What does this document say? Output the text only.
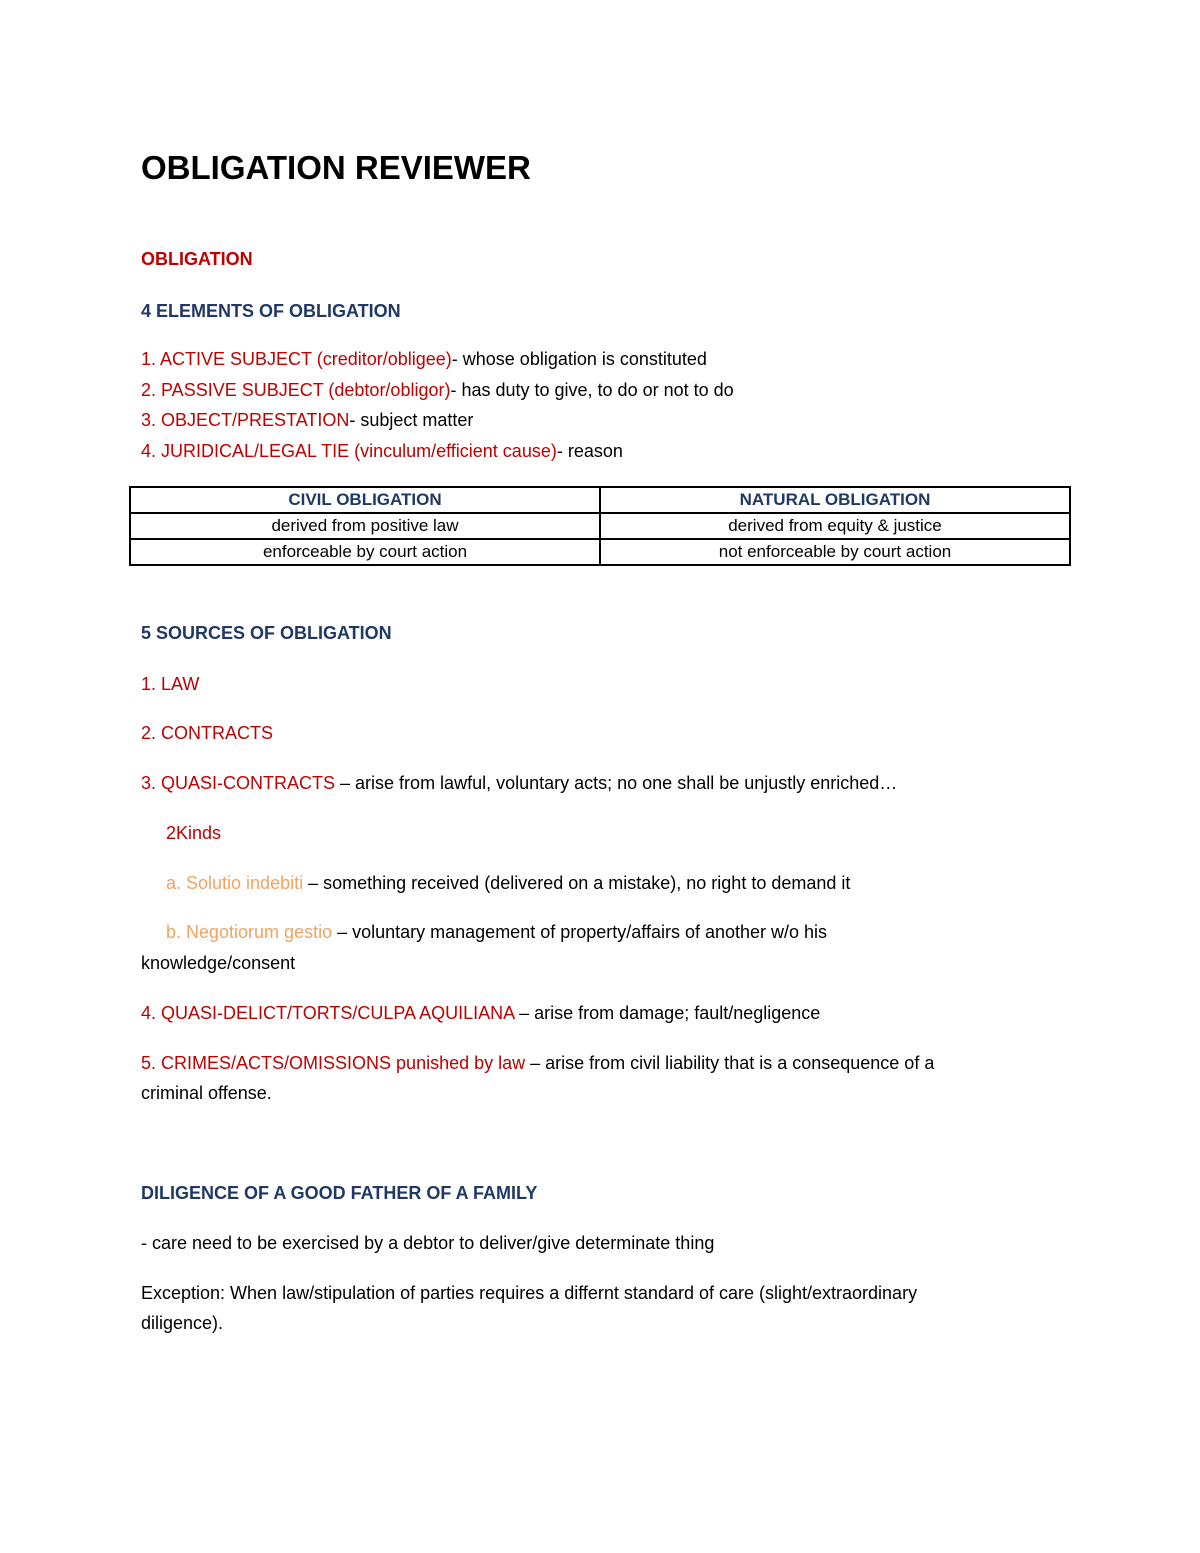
OBLIGATION REVIEWER

OBLIGATION

4 ELEMENTS OF OBLIGATION

1. ACTIVE SUBJECT (creditor/obligee)- whose obligation is constituted

2. PASSIVE SUBJECT (debtor/obligor)- has duty to give, to do or not to do

3. OBJECT/PRESTATION- subject matter

4. JURIDICAL/LEGAL TIE (vinculum/efficient cause)- reason

CIVIL OBLIGATION	NATURAL OBLIGATION
derived from positive law	derived from equity & justice
enforceable by court action	not enforceable by court action

5 SOURCES OF OBLIGATION

1. LAW

2. CONTRACTS

3. QUASI-CONTRACTS – arise from lawful, voluntary acts; no one shall be unjustly enriched…

2Kinds

a. Solutio indebiti – something received (delivered on a mistake), no right to demand it

b. Negotiorum gestio – voluntary management of property/affairs of another w/o his

knowledge/consent

4. QUASI-DELICT/TORTS/CULPA AQUILIANA – arise from damage; fault/negligence

5. CRIMES/ACTS/OMISSIONS punished by law – arise from civil liability that is a consequence of a

criminal offense.

DILIGENCE OF A GOOD FATHER OF A FAMILY

- care need to be exercised by a debtor to deliver/give determinate thing

Exception: When law/stipulation of parties requires a differnt standard of care (slight/extraordinary

diligence).
